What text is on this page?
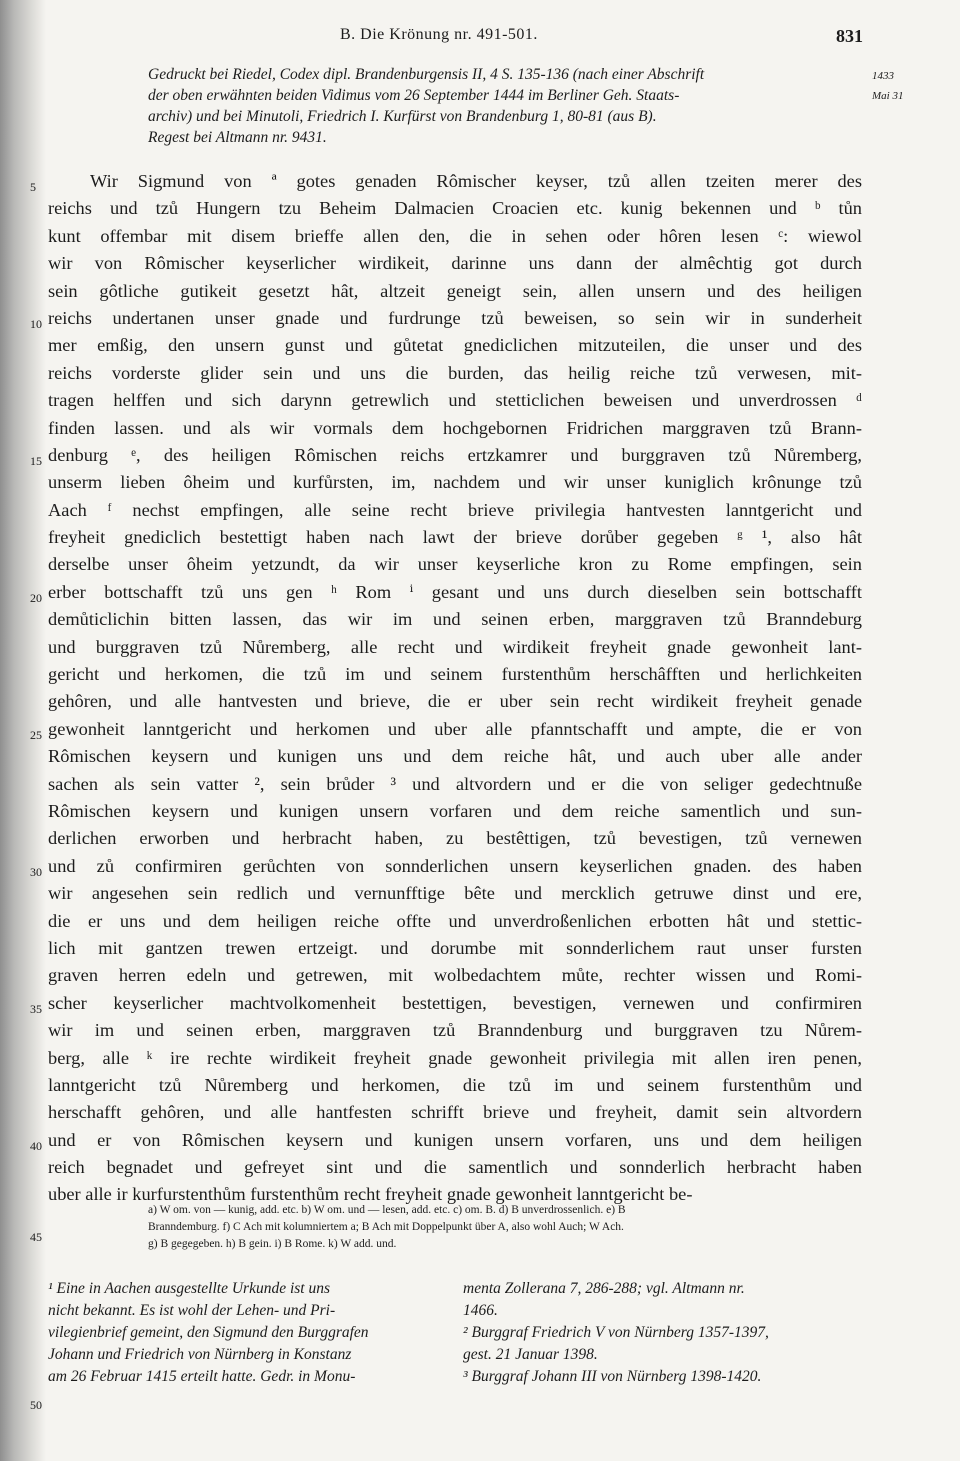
B. Die Krönung nr. 491-501.	831
Gedruckt bei Riedel, Codex dipl. Brandenburgensis II, 4 S. 135-136 (nach einer Abschrift
der oben erwähnten beiden Vidimus vom 26 September 1444 im Berliner Geh. Staats-
archiv) und bei Minutoli, Friedrich I. Kurfürst von Brandenburg 1, 80-81 (aus B).
Regest bei Altmann nr. 9431.
1433
Mai 31
5
10
15
20
25
30
35
40
45
50
Wir Sigmund von ª gotes genaden Rômischer keyser, tzů allen tzeiten merer des
reichs und tzů Hungern tzu Beheim Dalmacien Croacien etc. kunig bekennen und ᵇ tůn
kunt offembar mit disem brieffe allen den, die in sehen oder hôren lesen ᶜ: wiewol
wir von Rômischer keyserlicher wirdikeit, darinne uns dann der almêchtig got durch
sein gôtliche gutikeit gesetzt hât, altzeit geneigt sein, allen unsern und des heiligen
reichs undertanen unser gnade und furdrunge tzů beweisen, so sein wir in sunderheit
mer emßig, den unsern gunst und gůtetat gnediclichen mitzuteilen, die unser und des
reichs vorderste glider sein und uns die burden, das heilig reiche tzů verwesen, mit-
tragen helffen und sich darynn getrewlich und stetticlichen beweisen und unverdrossen ᵈ
finden lassen. und als wir vormals dem hochgebornen Fridrichen marggraven tzů Brann-
denburg ᵉ, des heiligen Rômischen reichs ertzkamrer und burggraven tzů Nůremberg,
unserm lieben ôheim und kurfůrsten, im, nachdem und wir unser kuniglich krônunge tzů
Aach ᶠ nechst empfingen, alle seine recht brieve privilegia hantvesten lanntgericht und
freyheit gnediclich bestettigt haben nach lawt der brieve dorůber gegeben ᵍ ¹, also hât
derselbe unser ôheim yetzundt, da wir unser keyserliche kron zu Rome empfingen, sein
erber bottschafft tzů uns gen ʰ Rom ⁱ gesant und uns durch dieselben sein bottschafft
demůticlichin bitten lassen, das wir im und seinen erben, marggraven tzů Branndeburg
und burggraven tzů Nůremberg, alle recht und wirdikeit freyheit gnade gewonheit lant-
gericht und herkomen, die tzů im und seinem furstenthům herschâfften und herlichkeiten
gehôren, und alle hantvesten und brieve, die er uber sein recht wirdikeit freyheit genade
gewonheit lanntgericht und herkomen und uber alle pfanntschafft und ampte, die er von
Rômischen keysern und kunigen uns und dem reiche hât, und auch uber alle ander
sachen als sein vatter ², sein brůder ³ und altvordern und er die von seliger gedechtnuße
Rômischen keysern und kunigen unsern vorfaren und dem reiche samentlich und sun-
derlichen erworben und herbracht haben, zu bestêttigen, tzů bevestigen, tzů vernewen
und zů confirmiren gerůchten von sonnderlichen unsern keyserlichen gnaden. des haben
wir angesehen sein redlich und vernunfftige bête und mercklich getruwe dinst und ere,
die er uns und dem heiligen reiche offte und unverdroßenlichen erbotten hât und stettic-
lich mit gantzen trewen ertzeigt. und dorumbe mit sonnderlichem raut unser fursten
graven herren edeln und getrewen, mit wolbedachtem můte, rechter wissen und Romi-
scher keyserlicher machtvolkomenheit bestettigen, bevestigen, vernewen und confirmiren
wir im und seinen erben, marggraven tzů Branndenburg und burggraven tzu Nůrem-
berg, alle ᵏ ire rechte wirdikeit freyheit gnade gewonheit privilegia mit allen iren penen,
lanntgericht tzů Nůremberg und herkomen, die tzů im und seinem furstenthům und
herschafft gehôren, und alle hantfesten schrifft brieve und freyheit, damit sein altvordern
und er von Rômischen keysern und kunigen unsern vorfaren, uns und dem heiligen
reich begnadet und gefreyet sint und die samentlich und sonnderlich herbracht haben
uber alle ir kurfurstenthům furstenthům recht freyheit gnade gewonheit lanntgericht be-
a) W om. von — kunig, add. etc. b) W om. und — lesen, add. etc. c) om. B. d) B unverdrossenlich. e) B
Branndemburg. f) C Ach mit kolumniertem a; B Ach mit Doppelpunkt über A, also wohl Auch; W Ach.
g) B gegegeben. h) B gein. i) B Rome. k) W add. und.
¹ Eine in Aachen ausgestellte Urkunde ist uns
nicht bekannt. Es ist wohl der Lehen- und Pri-
vilegienbrief gemeint, den Sigmund den Burggrafen
Johann und Friedrich von Nürnberg in Konstanz
am 26 Februar 1415 erteilt hatte. Gedr. in Monu-
menta Zollerana 7, 286-288; vgl. Altmann nr.
1466.
² Burggraf Friedrich V von Nürnberg 1357-1397,
gest. 21 Januar 1398.
³ Burggraf Johann III von Nürnberg 1398-1420.
